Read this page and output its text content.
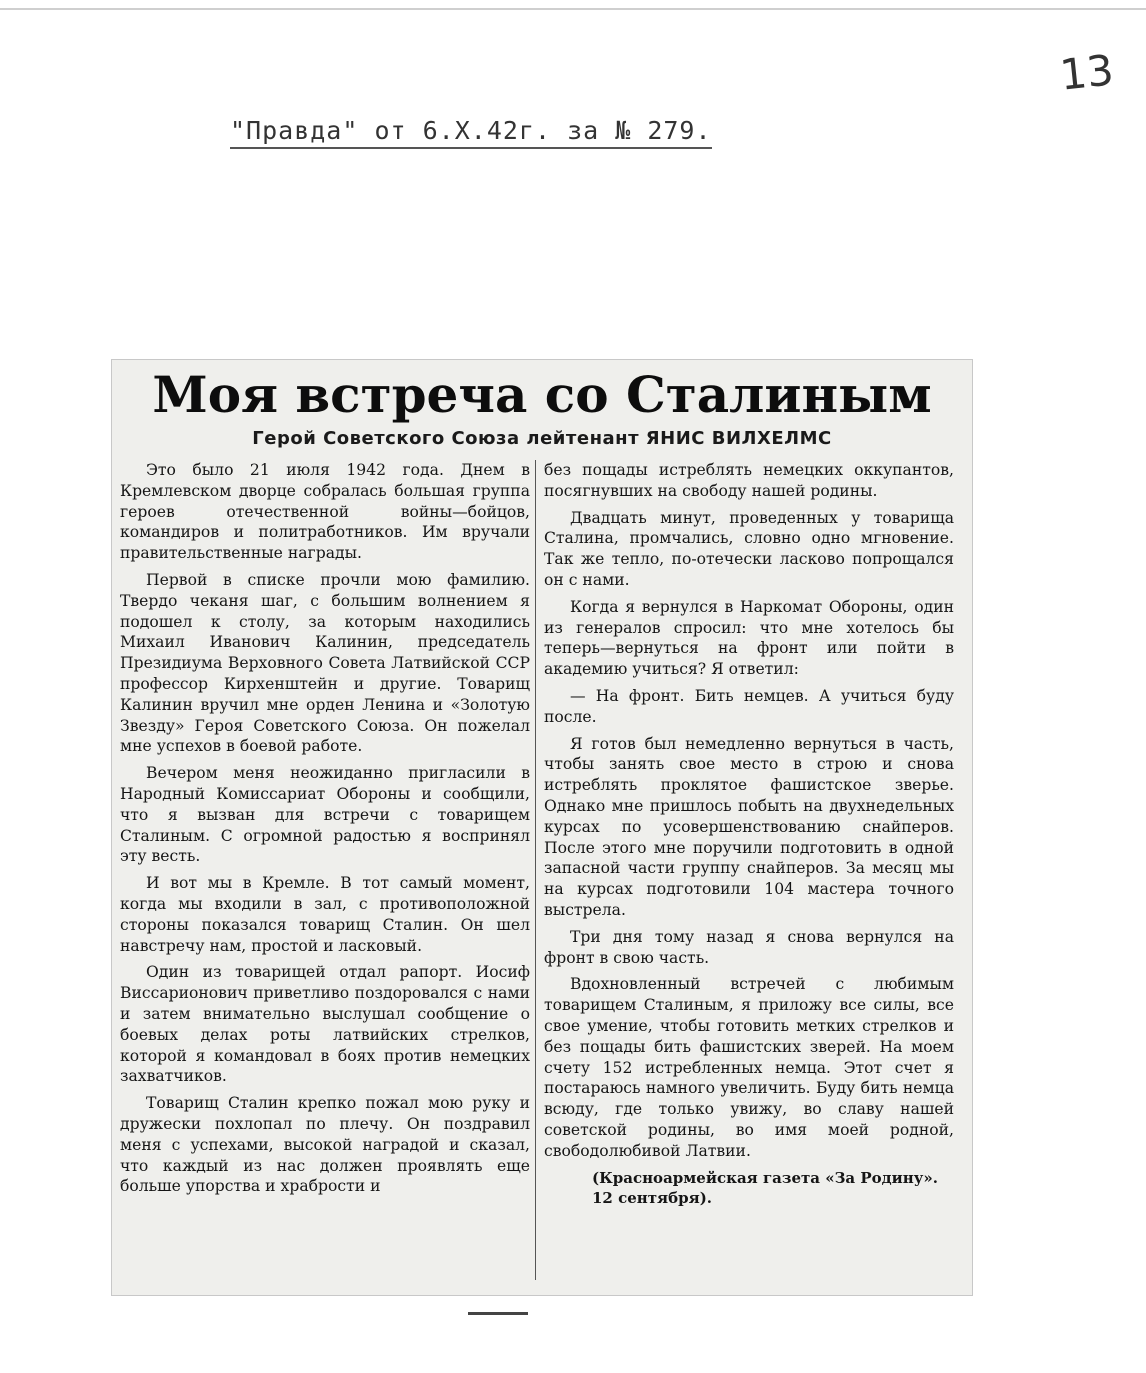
13
"Правда" от 6.Х.42г. за № 279.
Моя встреча со Сталиным
Герой Советского Союза лейтенант ЯНИС ВИЛХЕЛМС

Это было 21 июля 1942 года. Днем в Кремлевском дворце собралась большая группа героев отечественной войны—бойцов, командиров и политработников. Им вручали правительственные награды.

Первой в списке прочли мою фамилию. Твердо чеканя шаг, с большим волнением я подошел к столу, за которым находились Михаил Иванович Калинин, председатель Президиума Верховного Совета Латвийской ССР профессор Кирхенштейн и другие. Товарищ Калинин вручил мне орден Ленина и «Золотую Звезду» Героя Советского Союза. Он пожелал мне успехов в боевой работе.

Вечером меня неожиданно пригласили в Народный Комиссариат Обороны и сообщили, что я вызван для встречи с товарищем Сталиным. С огромной радостью я воспринял эту весть.

И вот мы в Кремле. В тот самый момент, когда мы входили в зал, с противоположной стороны показался товарищ Сталин. Он шел навстречу нам, простой и ласковый.

Один из товарищей отдал рапорт. Иосиф Виссарионович приветливо поздоровался с нами и затем внимательно выслушал сообщение о боевых делах роты латвийских стрелков, которой я командовал в боях против немецких захватчиков.

Товарищ Сталин крепко пожал мою руку и дружески похлопал по плечу. Он поздравил меня с успехами, высокой наградой и сказал, что каждый из нас должен проявлять еще больше упорства и храбрости и

без пощады истреблять немецких оккупантов, посягнувших на свободу нашей родины.

Двадцать минут, проведенных у товарища Сталина, промчались, словно одно мгновение. Так же тепло, по-отечески ласково попрощался он с нами.

Когда я вернулся в Наркомат Обороны, один из генералов спросил: что мне хотелось бы теперь—вернуться на фронт или пойти в академию учиться? Я ответил:

— На фронт. Бить немцев. А учиться буду после.

Я готов был немедленно вернуться в часть, чтобы занять свое место в строю и снова истреблять проклятое фашистское зверье. Однако мне пришлось побыть на двухнедельных курсах по усовершенствованию снайперов. После этого мне поручили подготовить в одной запасной части группу снайперов. За месяц мы на курсах подготовили 104 мастера точного выстрела.

Три дня тому назад я снова вернулся на фронт в свою часть.

Вдохновленный встречей с любимым товарищем Сталиным, я приложу все силы, все свое умение, чтобы готовить метких стрелков и без пощады бить фашистских зверей. На моем счету 152 истребленных немца. Этот счет я постараюсь намного увеличить. Буду бить немца всюду, где только увижу, во славу нашей советской родины, во имя моей родной, свободолюбивой Латвии.

(Красноармейская газета «За Родину».
12 сентября).
